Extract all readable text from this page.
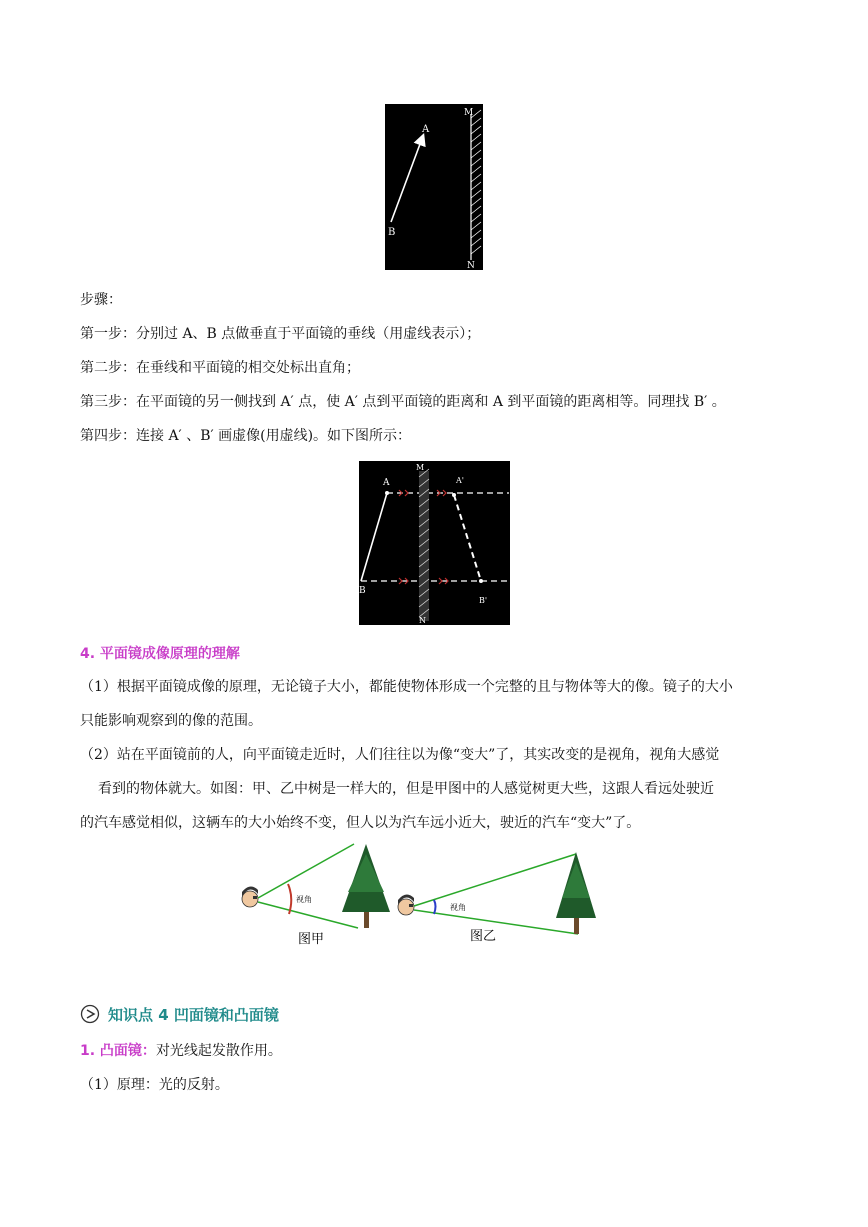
A
B
M
N
步骤：
第一步：分别过 A、B 点做垂直于平面镜的垂线（用虚线表示）；
第二步：在垂线和平面镜的相交处标出直角；
第三步：在平面镜的另一侧找到 A′ 点，使 A′ 点到平面镜的距离和 A 到平面镜的距离相等。同理找 B′ 。
第四步：连接 A′ 、B′ 画虚像(用虚线)。如下图所示：
A
B
A'
B'
M
N
4. 平面镜成像原理的理解
（1）根据平面镜成像的原理，无论镜子大小，都能使物体形成一个完整的且与物体等大的像。镜子的大小
只能影响观察到的像的范围。
（2）站在平面镜前的人，向平面镜走近时，人们往往以为像“变大”了，其实改变的是视角，视角大感觉
看到的物体就大。如图：甲、乙中树是一样大的，但是甲图中的人感觉树更大些，这跟人看远处驶近
的汽车感觉相似，这辆车的大小始终不变，但人以为汽车远小近大，驶近的汽车“变大”了。
视角
图甲
视角
图乙
知识点 4 凹面镜和凸面镜
1. 凸面镜：对光线起发散作用。
（1）原理：光的反射。
